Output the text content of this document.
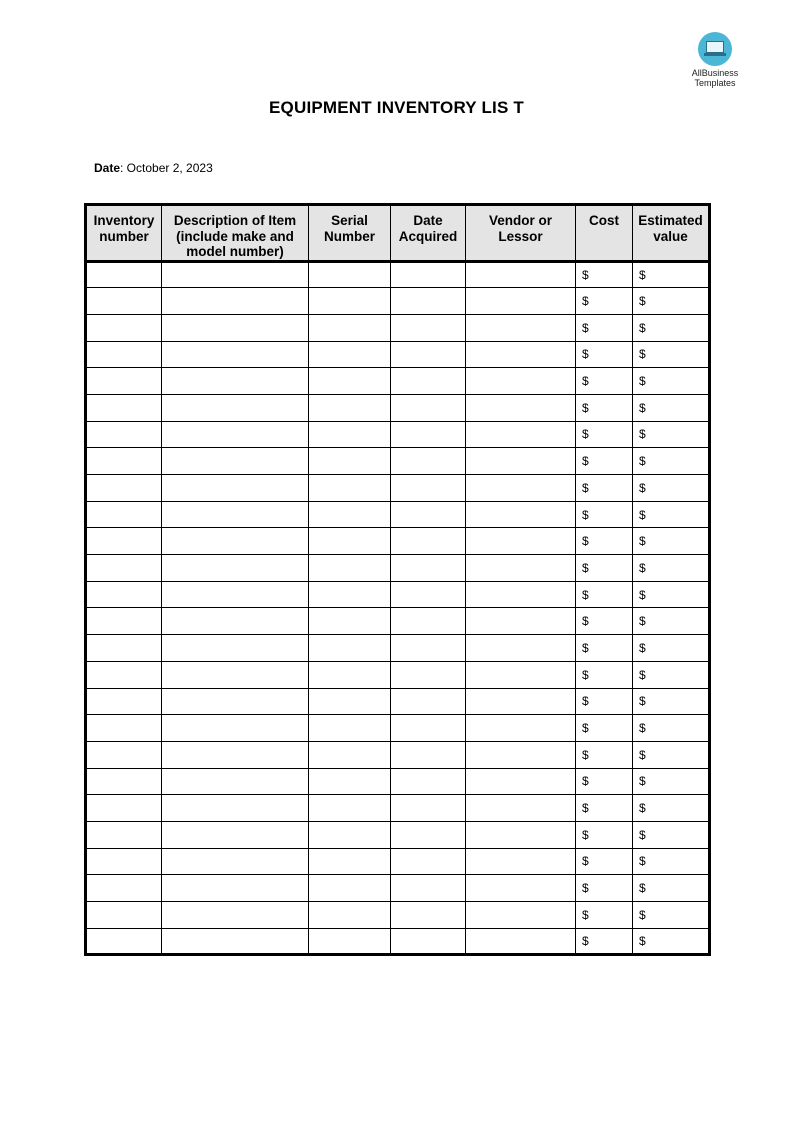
AllBusiness
Templates
EQUIPMENT INVENTORY LIS T
Date: October 2, 2023
Inventory number	Description of Item (include make and model number)	Serial Number	Date Acquired	Vendor or Lessor	Cost	Estimated value
					$	$
					$	$
					$	$
					$	$
					$	$
					$	$
					$	$
					$	$
					$	$
					$	$
					$	$
					$	$
					$	$
					$	$
					$	$
					$	$
					$	$
					$	$
					$	$
					$	$
					$	$
					$	$
					$	$
					$	$
					$	$
					$	$
